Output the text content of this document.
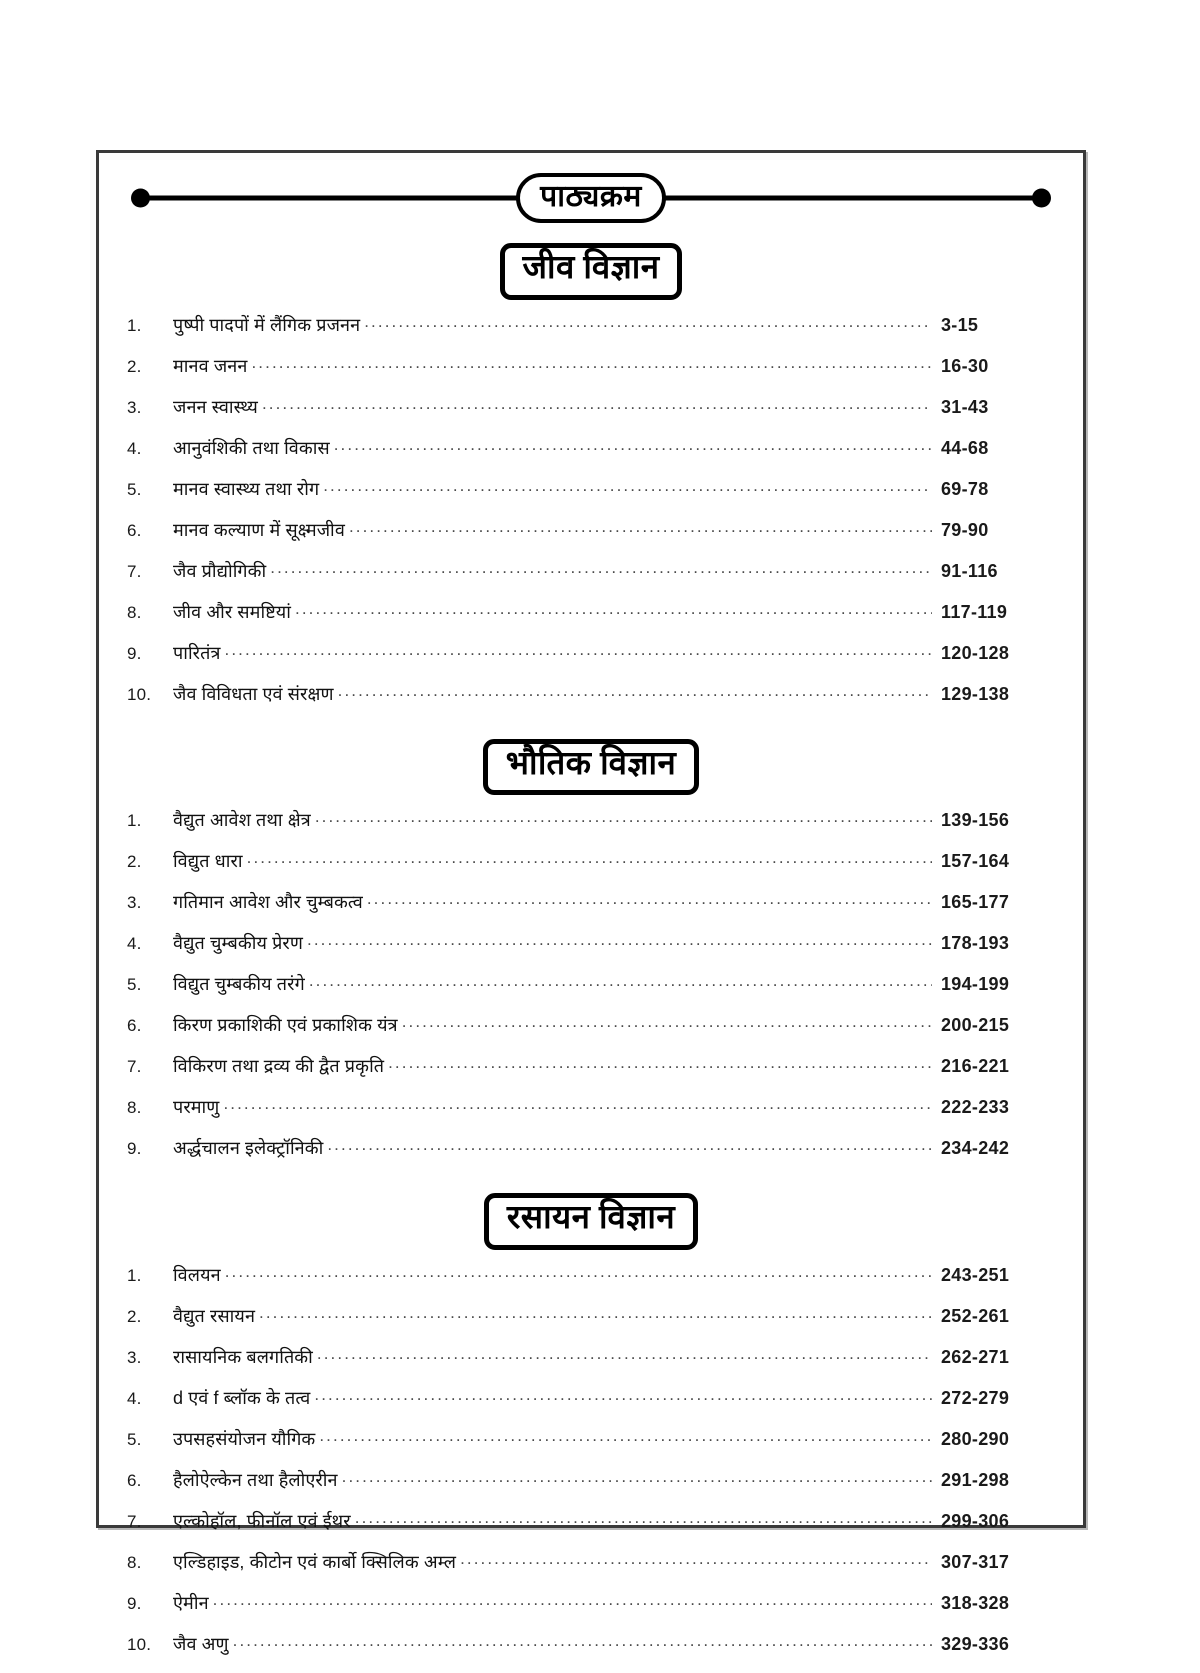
पाठ्यक्रम
जीव विज्ञान
1.	पुष्पी पादपों में लैंगिक प्रजनन .....	3-15
2.	मानव जनन .....	16-30
3.	जनन स्वास्थ्य .....	31-43
4.	आनुवंशिकी तथा विकास .....	44-68
5.	मानव स्वास्थ्य तथा रोग .....	69-78
6.	मानव कल्याण में सूक्ष्मजीव .....	79-90
7.	जैव प्रौद्योगिकी .....	91-116
8.	जीव और समष्टियां .....	117-119
9.	पारितंत्र .....	120-128
10.	जैव विविधता एवं संरक्षण .....	129-138
भौतिक विज्ञान
1.	वैद्युत आवेश तथा क्षेत्र .....	139-156
2.	विद्युत धारा .....	157-164
3.	गतिमान आवेश और चुम्बकत्व .....	165-177
4.	वैद्युत चुम्बकीय प्रेरण .....	178-193
5.	विद्युत चुम्बकीय तरंगे .....	194-199
6.	किरण प्रकाशिकी एवं प्रकाशिक यंत्र .....	200-215
7.	विकिरण तथा द्रव्य की द्वैत प्रकृति .....	216-221
8.	परमाणु .....	222-233
9.	अर्द्धचालन इलेक्ट्रॉनिकी .....	234-242
रसायन विज्ञान
1.	विलयन .....	243-251
2.	वैद्युत रसायन .....	252-261
3.	रासायनिक बलगतिकी .....	262-271
4.	d एवं f ब्लॉक के तत्व .....	272-279
5.	उपसहसंयोजन यौगिक .....	280-290
6.	हैलोऐल्केन तथा हैलोएरीन .....	291-298
7.	एल्कोहॉल, फीनॉल एवं ईथर .....	299-306
8.	एल्डिहाइड, कीटोन एवं कार्बो क्सिलिक अम्ल .....	307-317
9.	ऐमीन .....	318-328
10.	जैव अणु .....	329-336
